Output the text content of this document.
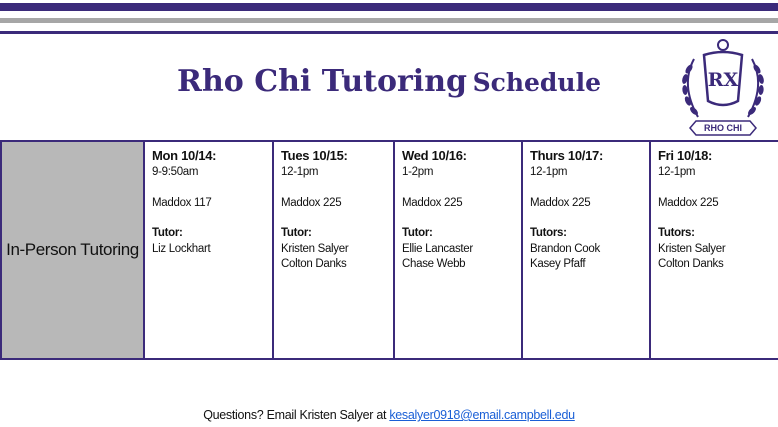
Rho Chi Tutoring Schedule	RX
RHO CHI
In-Person Tutoring	
Mon 10/14:
9-9:50am
Maddox 117
Tutor:
Liz Lockhart

Tues 10/15:
12-1pm
Maddox 225
Tutor:
Kristen Salyer
Colton Danks

Wed 10/16:
1-2pm
Maddox 225
Tutor:
Ellie Lancaster
Chase Webb

Thurs 10/17:
12-1pm
Maddox 225
Tutors:
Brandon Cook
Kasey Pfaff

Fri 10/18:
12-1pm
Maddox 225
Tutors:
Kristen Salyer
Colton Danks
Questions? Email Kristen Salyer at kesalyer0918@email.campbell.edu
